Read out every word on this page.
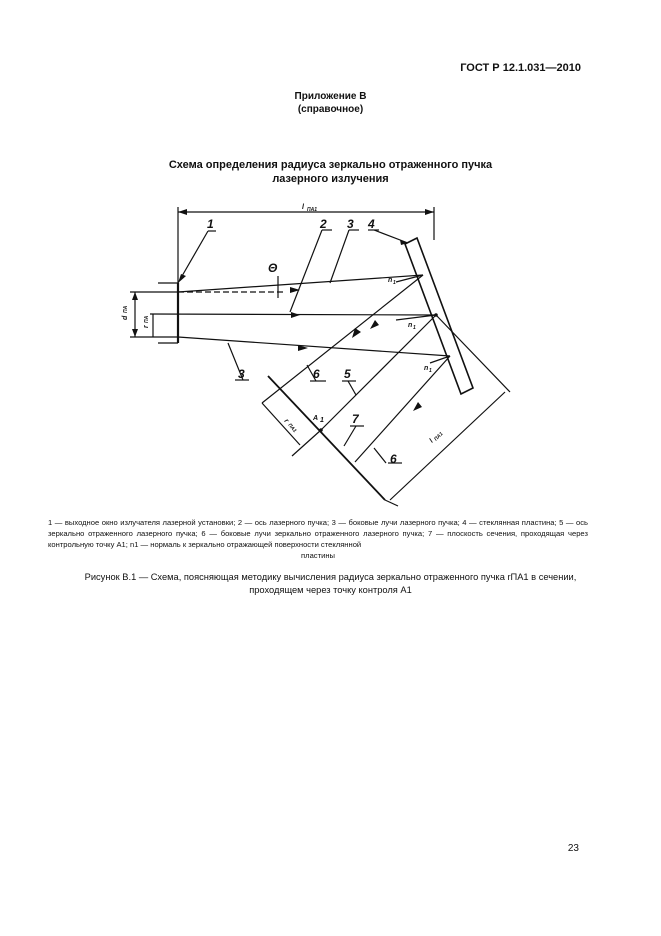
ГОСТ Р 12.1.031—2010
Приложение В
(справочное)
Схема определения радиуса зеркально отраженного пучка
лазерного излучения
1	2 3 4
3	6 5
7
6
Θ
A 1
l ПА1
d
ПА
r
ПА
r
ПА1
l
ПА1
n 1
n 1
n 1
1 — выходное окно излучателя лазерной установки; 2 — ось лазерного пучка; 3 — боковые лучи лазерного пучка; 4 — стеклянная пластина; 5 — ось зеркально отраженного лазерного пучка; 6 — боковые лучи зеркально отраженного лазерного пучка; 7 — плоскость сечения, проходящая через контрольную точку A1; n1 — нормаль к зеркально отражающей поверхности стеклянной
пластины
Рисунок В.1 — Схема, поясняющая методику вычисления радиуса зеркально отраженного пучка rПА1 в сечении,
проходящем через точку контроля A1
23
